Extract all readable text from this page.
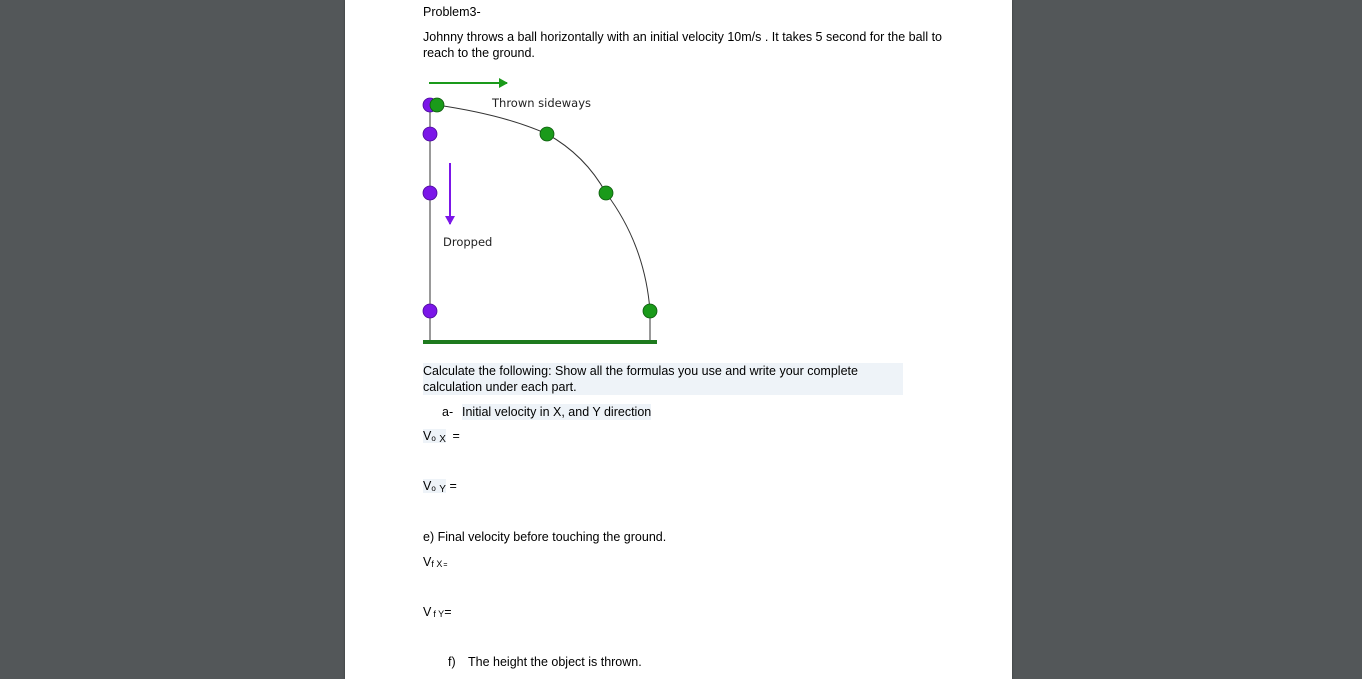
Problem3-
Johnny throws a ball horizontally with an initial velocity 10m/s . It takes 5 second for the ball to reach to the ground.
Thrown sideways
Dropped
Calculate the following: Show all the formulas you use and write your complete calculation under each part.
a- Initial velocity in X, and Y direction
Vo X =
Vo Y =
e) Final velocity before touching the ground.
Vf X=
V f Y=
f) The height the object is thrown.
